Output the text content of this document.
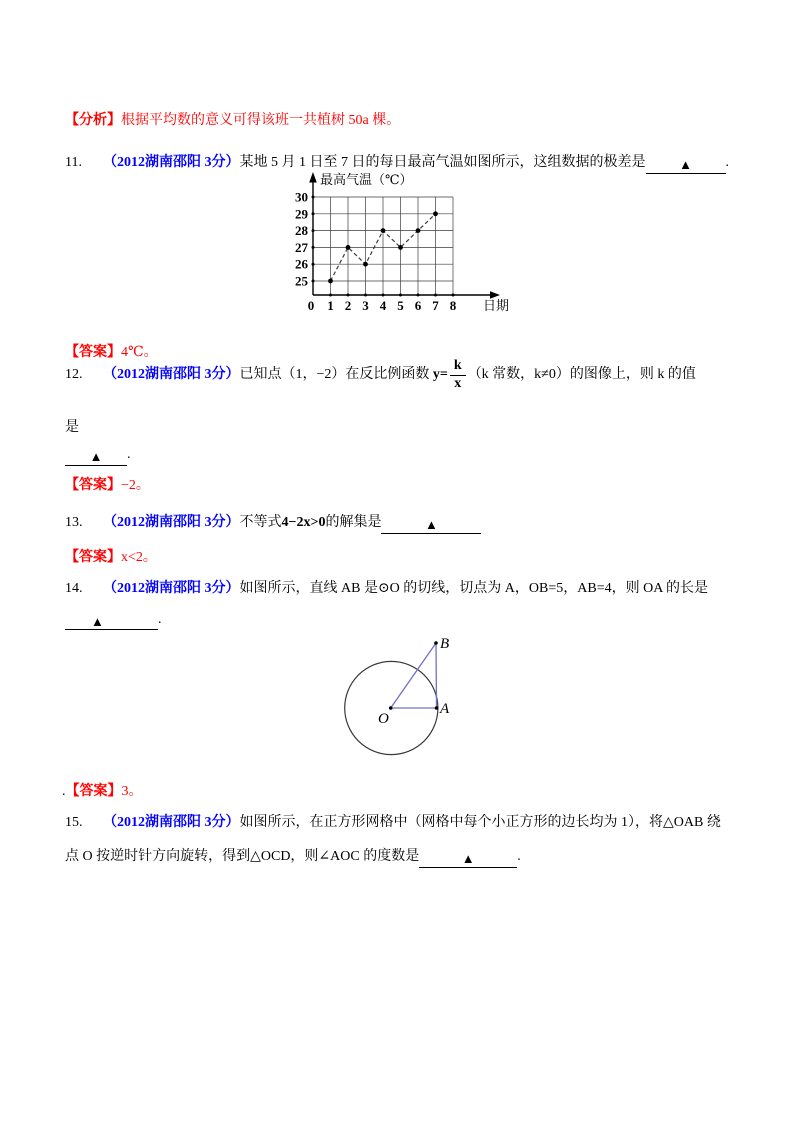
【分析】根据平均数的意义可得该班一共植树 50a 棵。

11. （2012湖南邵阳 3分）某地 5 月 1 日至 7 日的每日最高气温如图所示，这组数据的极差是	▲ .

25
26
27
28
29
30
0 1 2 3 4 5 6 7 8
最高气温（℃）
日期

【答案】4℃。

12.	（2012湖南邵阳 3分） 已知点（1，−2）在反比例函数 $y= \frac{k}{x} (k$ 常数，k≠0）的图像上，则 k 的值

是

▲ .

【答案】−2。

13. （2012湖南邵阳 3分）不等式4−2x>0的解集是	▲

【答案】x<2。

14. （2012湖南邵阳 3分）如图所示，直线 AB 是⊙O 的切线，切点为 A，OB=5，AB=4，则 OA 的长是

▲	.

O
A
B

.【答案】3。

15. （2012湖南邵阳 3分）如图所示，在正方形网格中（网格中每个小正方形的边长均为 1），将△OAB 绕

点 O 按逆时针方向旋转，得到△OCD，则∠AOC 的度数是	▲	.
